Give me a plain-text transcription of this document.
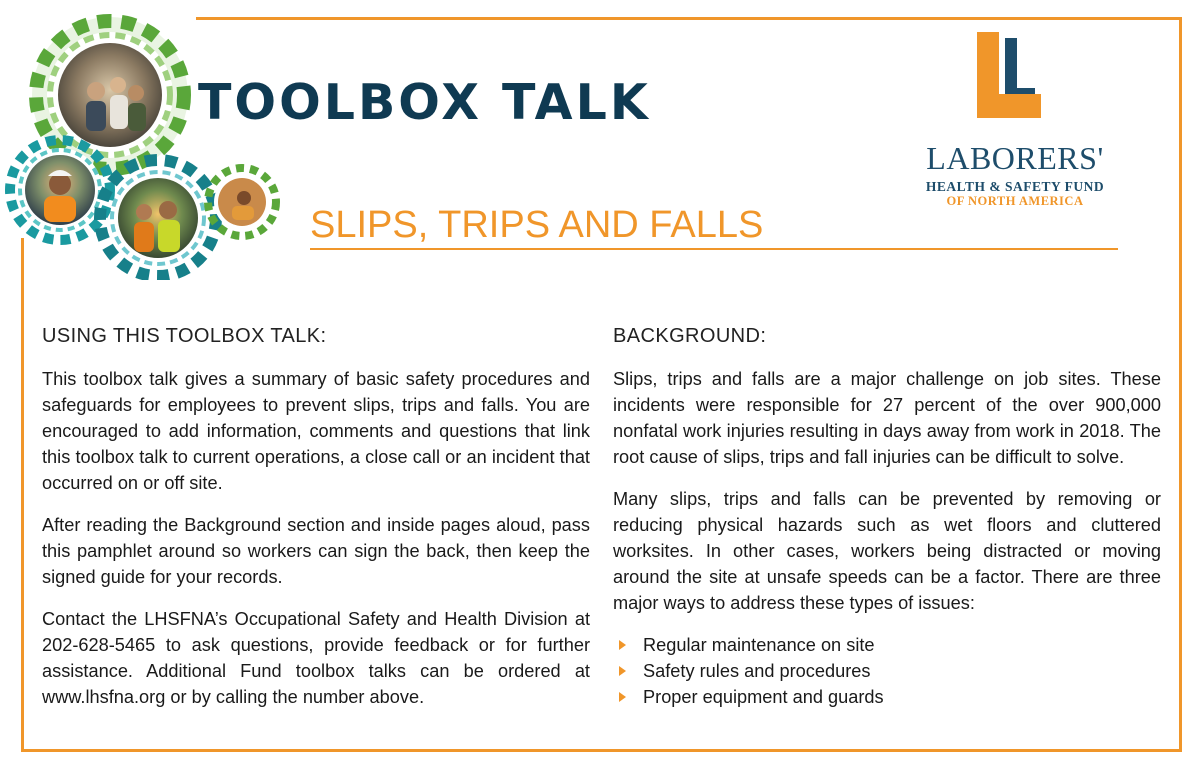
TOOLBOX TALK
SLIPS, TRIPS AND FALLS
LABORERS'
HEALTH & SAFETY FUND
OF NORTH AMERICA
USING THIS TOOLBOX TALK:

This toolbox talk gives a summary of basic safety procedures and safeguards for employees to prevent slips, trips and falls. You are encouraged to add information, comments and questions that link this toolbox talk to current operations, a close call or an incident that occurred on or off site.

After reading the Background section and inside pages aloud, pass this pamphlet around so workers can sign the back, then keep the signed guide for your records.

Contact the LHSFNA’s Occupational Safety and Health Division at 202-628-5465 to ask questions, provide feedback or for further assistance. Additional Fund toolbox talks can be ordered at www.lhsfna.org or by calling the number above.

BACKGROUND:

Slips, trips and falls are a major challenge on job sites. These incidents were responsible for 27 percent of the over 900,000 nonfatal work injuries resulting in days away from work in 2018. The root cause of slips, trips and fall injuries can be difficult to solve.

Many slips, trips and falls can be prevented by removing or reducing physical hazards such as wet floors and cluttered worksites. In other cases, workers being distracted or moving around the site at unsafe speeds can be a factor. There are three major ways to address these types of issues:

Regular maintenance on site
Safety rules and procedures
Proper equipment and guards
